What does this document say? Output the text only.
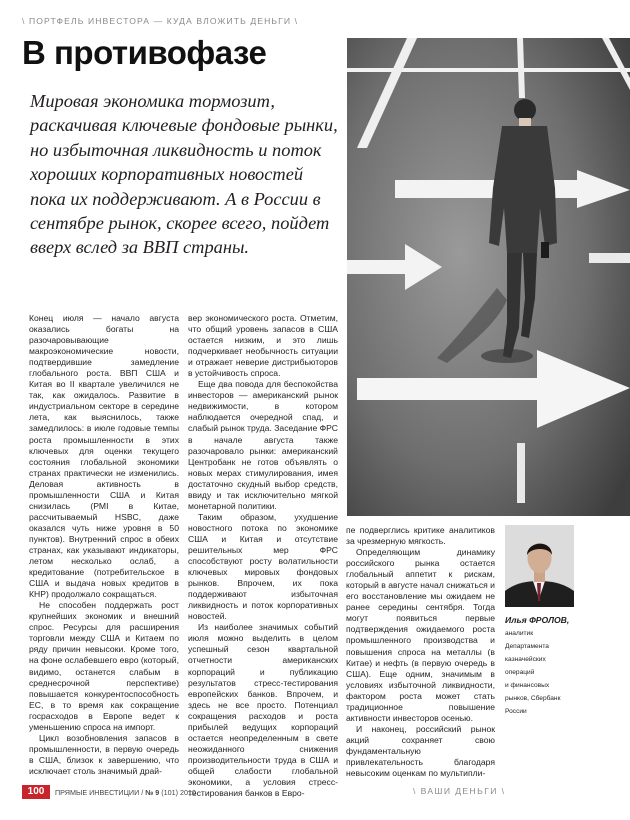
\ ПОРТФЕЛЬ ИНВЕСТОРА — КУДА ВЛОЖИТЬ ДЕНЬГИ \
В противофазе
Мировая экономика тормозит, раскачивая ключевые фондовые рынки, но избыточная ликвидность и поток хороших корпоративных новостей пока их поддерживают. А в России в сентябре рынок, скорее всего, пойдет вверх вслед за ВВП страны.

Конец июля — начало августа оказались богаты на разочаровывающие макроэкономические новости, подтвердившие замедление глобального роста. ВВП США и Китая во II квартале увеличился не так, как ожидалось. Развитие в индустриальном секторе в середине лета, как выяснилось, также замедлилось: в июле годовые темпы роста промышленности в этих ключевых для оценки текущего состояния глобальной экономики странах практически не изменились. Деловая активность в промышленности США и Китая снизилась (PMI в Китае, рассчитываемый HSBC, даже оказался чуть ниже уровня в 50 пунктов). Внутренний спрос в обеих странах, как указывают индикаторы, летом несколько ослаб, а кредитование (потребительское в США и выдача новых кредитов в КНР) продолжало сокращаться.

Не способен поддержать рост крупнейших экономик и внешний спрос. Ресурсы для расширения торговли между США и Китаем по ряду причин невысоки. Кроме того, на фоне ослабевшего евро (который, видимо, останется слабым в среднесрочной перспективе) повышается конкурентоспособность ЕС, в то время как сокращение госрасходов в Европе ведет к уменьшению спроса на импорт.

Цикл возобновления запасов в промышленности, в первую очередь в США, близок к завершению, что исключает столь значимый драй-

вер экономического роста. Отметим, что общий уровень запасов в США остается низким, и это лишь подчеркивает необычность ситуации и отражает неверие дистрибьюторов в устойчивость спроса.

Еще два повода для беспокойства инвесторов — американский рынок недвижимости, в котором наблюдается очередной спад, и слабый рынок труда. Заседание ФРС в начале августа также разочаровало рынки: американский Центробанк не готов объявлять о новых мерах стимулирования, имея достаточно скудный выбор средств, ввиду и так исключительно мягкой монетарной политики.

Таким образом, ухудшение новостного потока по экономике США и Китая и отсутствие решительных мер ФРС способствуют росту волатильности ключевых мировых фондовых рынков. Впрочем, их пока поддерживают избыточная ликвидность и поток корпоративных новостей.

Из наиболее значимых событий июля можно выделить в целом успешный сезон квартальной отчетности американских корпораций и публикацию результатов стресс-тестирования европейских банков. Впрочем, и здесь не все просто. Потенциал сокращения расходов и роста прибылей ведущих корпораций остается неопределенным в свете неожиданного снижения производительности труда в США и общей слабости глобальной экономики, а условия стресс-тестирования банков в Евро-

пе подверглись критике аналитиков за чрезмерную мягкость.

Определяющим динамику российского рынка остается глобальный аппетит к рискам, который в августе начал снижаться и его восстановление мы ожидаем не ранее середины сентября. Тогда могут появиться первые подтверждения ожидаемого роста промышленного производства и повышения спроса на металлы (в Китае) и нефть (в первую очередь в США). Еще одним, значимым в условиях избыточной ликвидности, фактором роста может стать традиционное повышение активности инвесторов осенью.

И наконец, российский рынок акций сохраняет свою фундаментальную привлекательность благодаря невысоким оценкам по мультипли-

Илья ФРОЛОВ,
аналитик
Департамента
казначейских
операций
и финансовых
рынков, Сбербанк
России
100	ПРЯМЫЕ ИНВЕСТИЦИИ / № 9 (101) 2010	\ ВАШИ ДЕНЬГИ \
